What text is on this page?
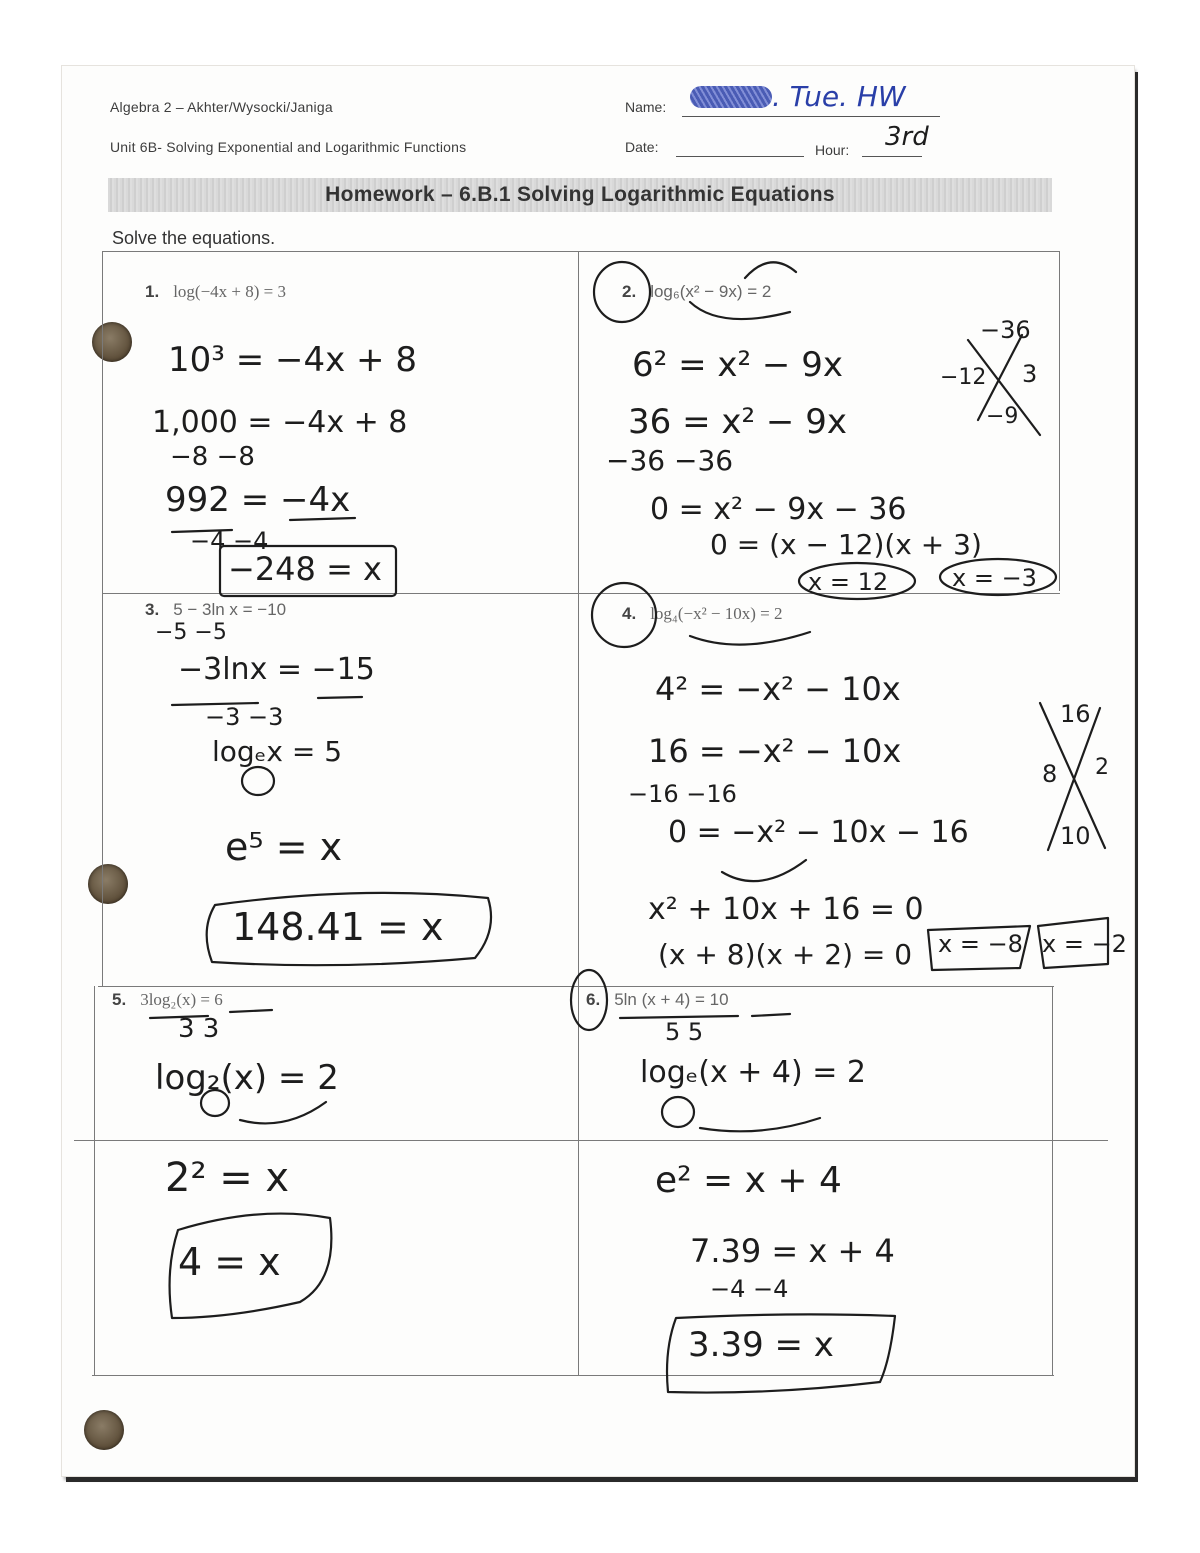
Algebra 2 – Akhter/Wysocki/Janiga
Unit 6B- Solving Exponential and Logarithmic Functions
Name:	. Tue. HW
Date:	Hour: 3rd
Homework – 6.B.1 Solving Logarithmic Equations
Solve the equations.
1. log(−4x + 8) = 3
10³ = −4x + 8
1,000 = −4x + 8
−8 −8
992 = −4x
−4 −4
−248 = x
2. log₆(x² − 9x) = 2
6² = x² − 9x
36 = x² − 9x
−36 −36
0 = x² − 9x − 36
0 = (x − 12)(x + 3)
x = 12	x = −3
−36
−12 3
−9
3. 5 − 3ln x = −10
−5 −5
−3lnx = −15
−3 −3
logₑx = 5
e⁵ = x
148.41 = x
4. log₄(−x² − 10x) = 2
4² = −x² − 10x
16 = −x² − 10x
−16 −16
0 = −x² − 10x − 16
x² + 10x + 16 = 0
(x + 8)(x + 2) = 0 x = −8 x = −2
16
8 2
10
5. 3log₂(x) = 6
3 3
log₂(x) = 2
2² = x
4 = x
6. 5ln (x + 4) = 10
5 5
logₑ(x + 4) = 2
e² = x + 4
7.39 = x + 4
−4 −4
3.39 = x
